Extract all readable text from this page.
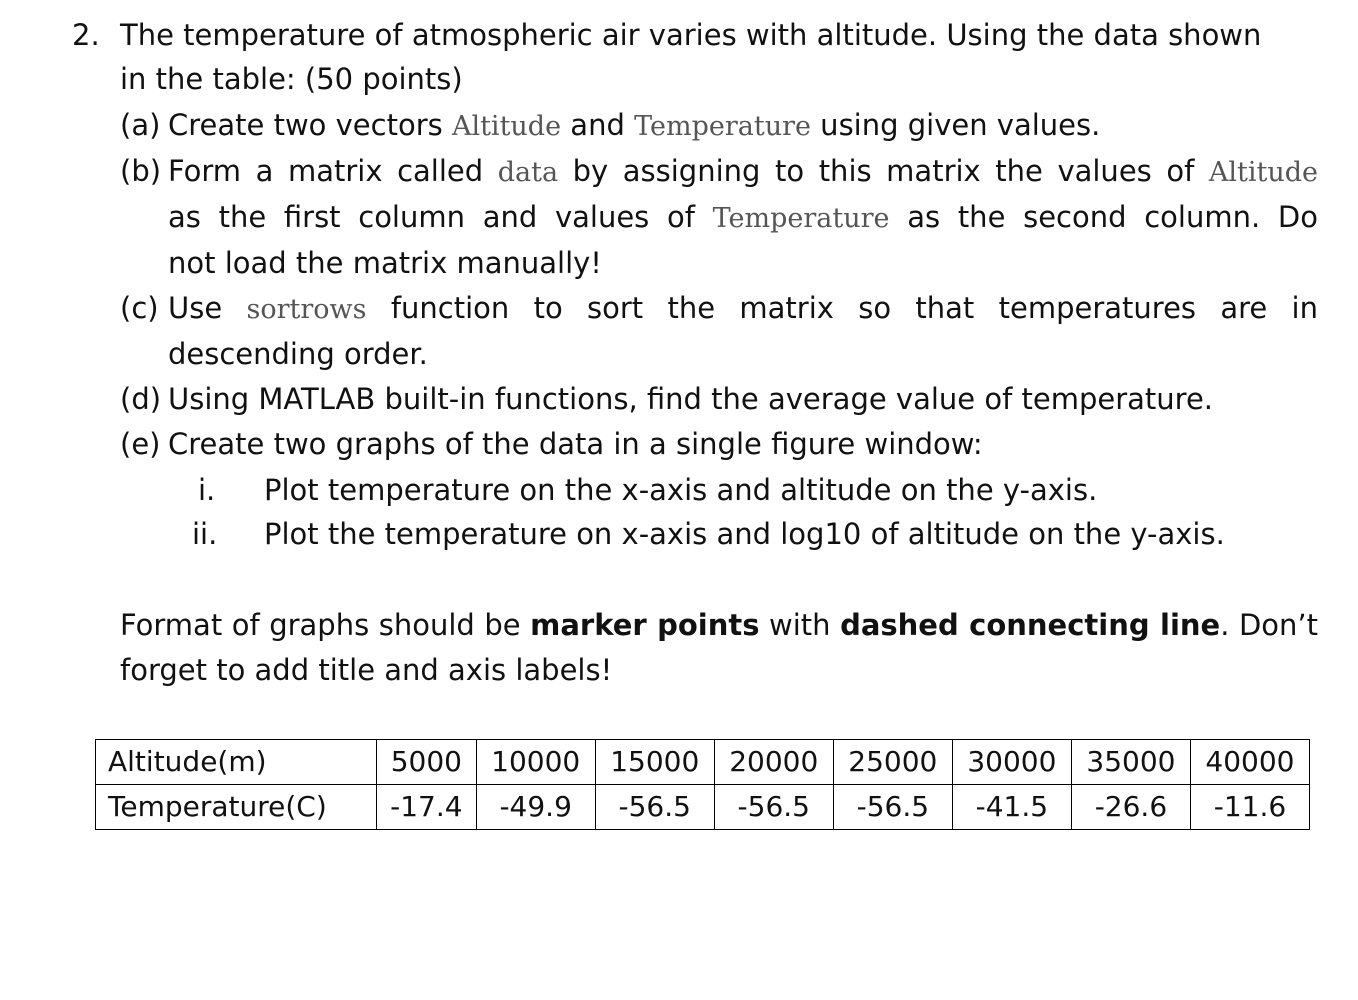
2. The temperature of atmospheric air varies with altitude. Using the data shown
in the table: (50 points)
(a) Create two vectors Altitude and Temperature using given values.
(b) Form a matrix called data by assigning to this matrix the values of Altitude
as the first column and values of Temperature as the second column. Do
not load the matrix manually!
(c) Use sortrows function to sort the matrix so that temperatures are in
descending order.
(d) Using MATLAB built-in functions, find the average value of temperature.
(e) Create two graphs of the data in a single figure window:
i. Plot temperature on the x-axis and altitude on the y-axis.
ii. Plot the temperature on x-axis and log10 of altitude on the y-axis.
Format of graphs should be marker points with dashed connecting line. Don’t
forget to add title and axis labels!
Altitude(m)	5000	10000	15000	20000	25000	30000	35000	40000
Temperature(C)	-17.4	-49.9	-56.5	-56.5	-56.5	-41.5	-26.6	-11.6
